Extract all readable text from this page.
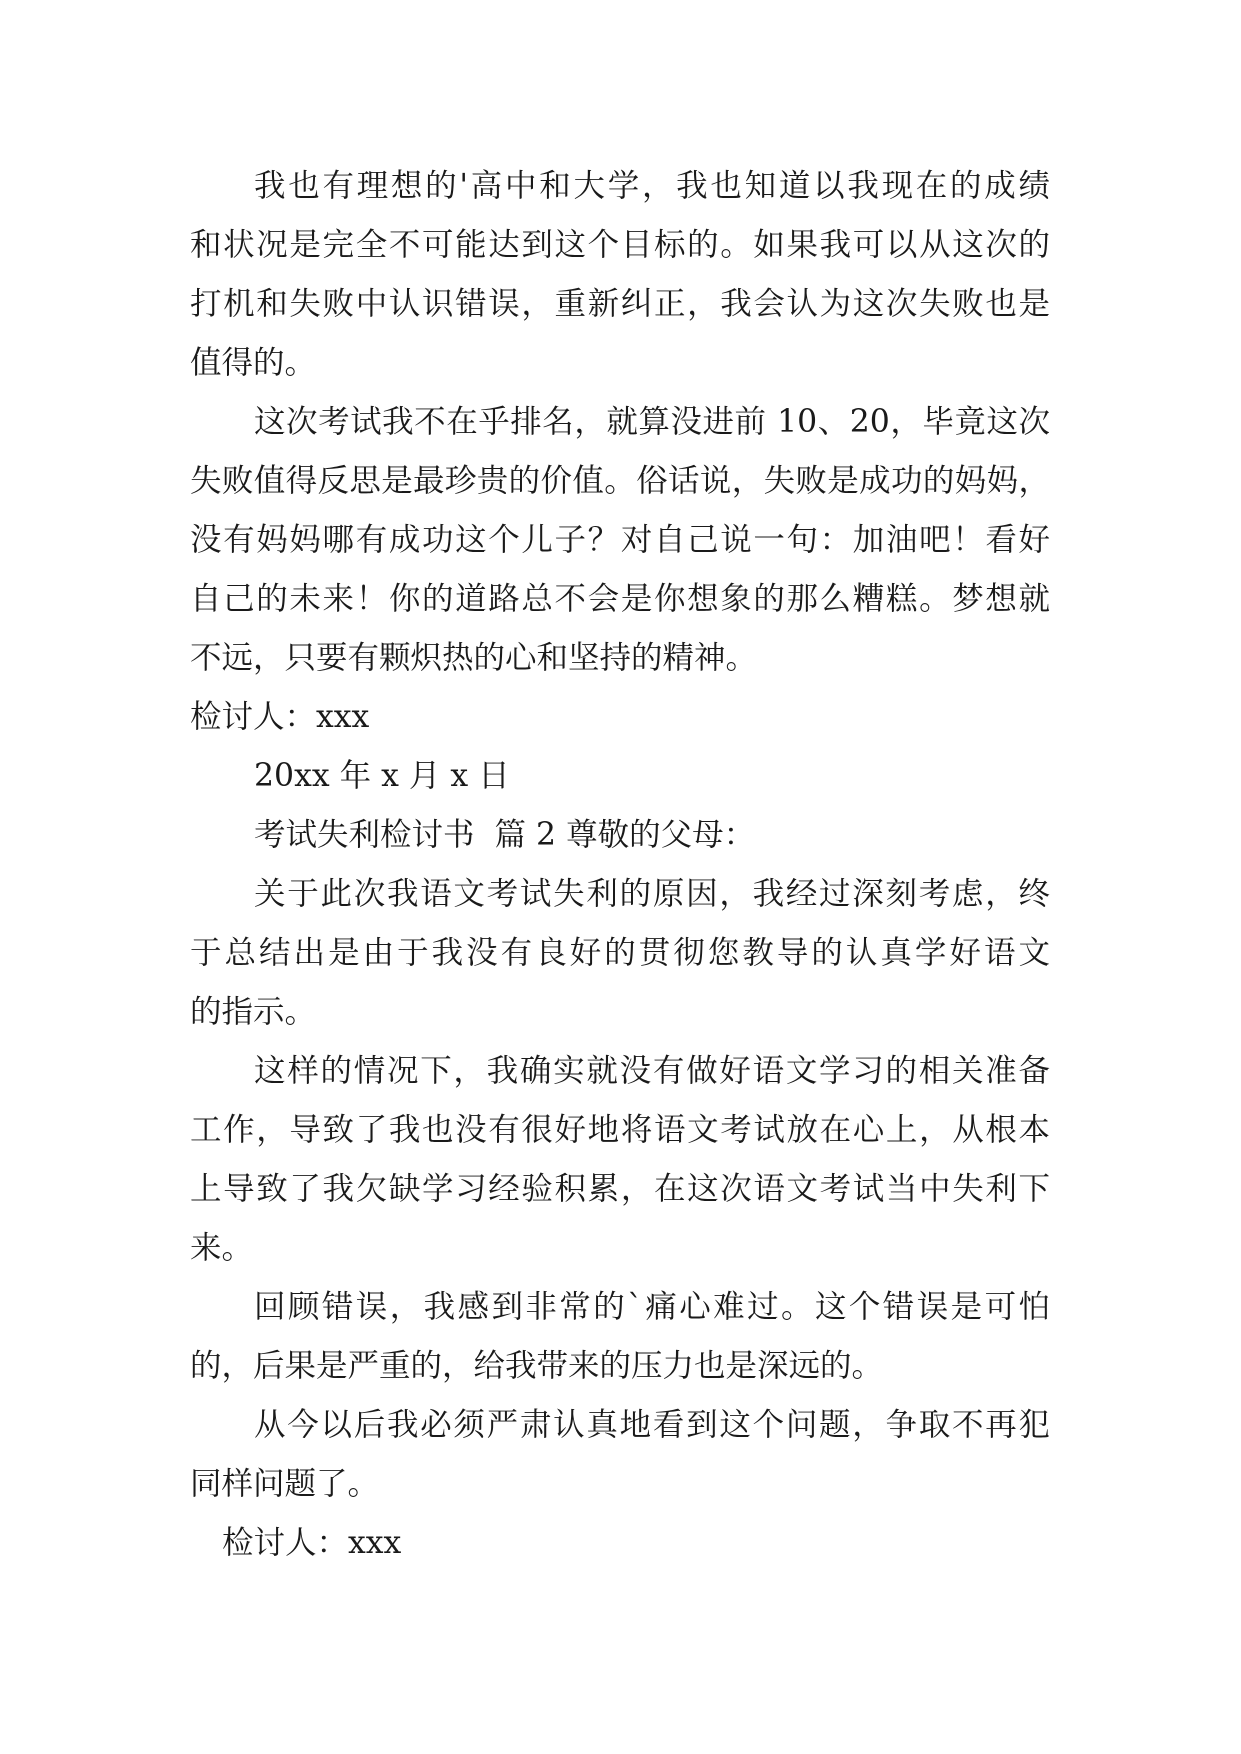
我也有理想的'高中和大学，我也知道以我现在的成绩
和状况是完全不可能达到这个目标的。如果我可以从这次的
打机和失败中认识错误，重新纠正，我会认为这次失败也是
值得的。
这次考试我不在乎排名，就算没进前 10、20，毕竟这次
失败值得反思是最珍贵的价值。俗话说，失败是成功的妈妈，
没有妈妈哪有成功这个儿子？对自己说一句：加油吧！看好
自己的未来！你的道路总不会是你想象的那么糟糕。梦想就
不远，只要有颗炽热的心和坚持的精神。
检讨人：xxx
20xx 年 x 月 x 日
考试失利检讨书  篇 2 尊敬的父母：
关于此次我语文考试失利的原因，我经过深刻考虑，终
于总结出是由于我没有良好的贯彻您教导的认真学好语文
的指示。
这样的情况下，我确实就没有做好语文学习的相关准备
工作，导致了我也没有很好地将语文考试放在心上，从根本
上导致了我欠缺学习经验积累，在这次语文考试当中失利下
来。
回顾错误，我感到非常的`痛心难过。这个错误是可怕
的，后果是严重的，给我带来的压力也是深远的。
从今以后我必须严肃认真地看到这个问题，争取不再犯
同样问题了。
检讨人：xxx
